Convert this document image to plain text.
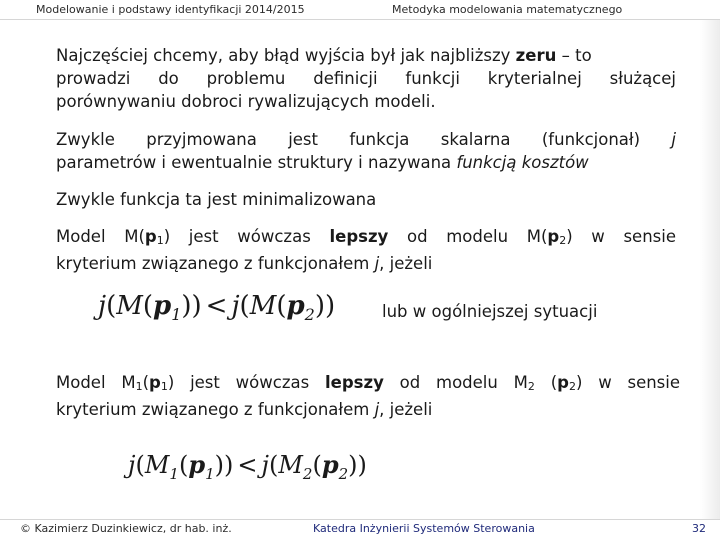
Modelowanie i podstawy identyfikacji 2014/2015	Metodyka modelowania matematycznego
Najczęściej chcemy, aby błąd wyjścia był jak najbliższy zeru – to
prowadzi do problemu definicji funkcji kryterialnej służącej
porównywaniu dobroci rywalizujących modeli.
Zwykle przyjmowana jest funkcja skalarna (funkcjonał) j
parametrów i ewentualnie struktury i nazywana funkcją kosztów
Zwykle funkcja ta jest minimalizowana
Model $M(p_1)$ jest wówczas lepszy od modelu $M(p_2)$ w sensie
kryterium związanego z funkcjonałem j, jeżeli
$j(M(p_1)) < j(M(p_2))$	lub w ogólniejszej sytuacji
Model $M_1(p_1)$ jest wówczas lepszy od modelu $M_2$ $(p_2)$ w sensie
kryterium związanego z funkcjonałem j, jeżeli
$j(M_1(p_1)) < j(M_2(p_2))$
© Kazimierz Duzinkiewicz, dr hab. inż.	Katedra Inżynierii Systemów Sterowania	32
